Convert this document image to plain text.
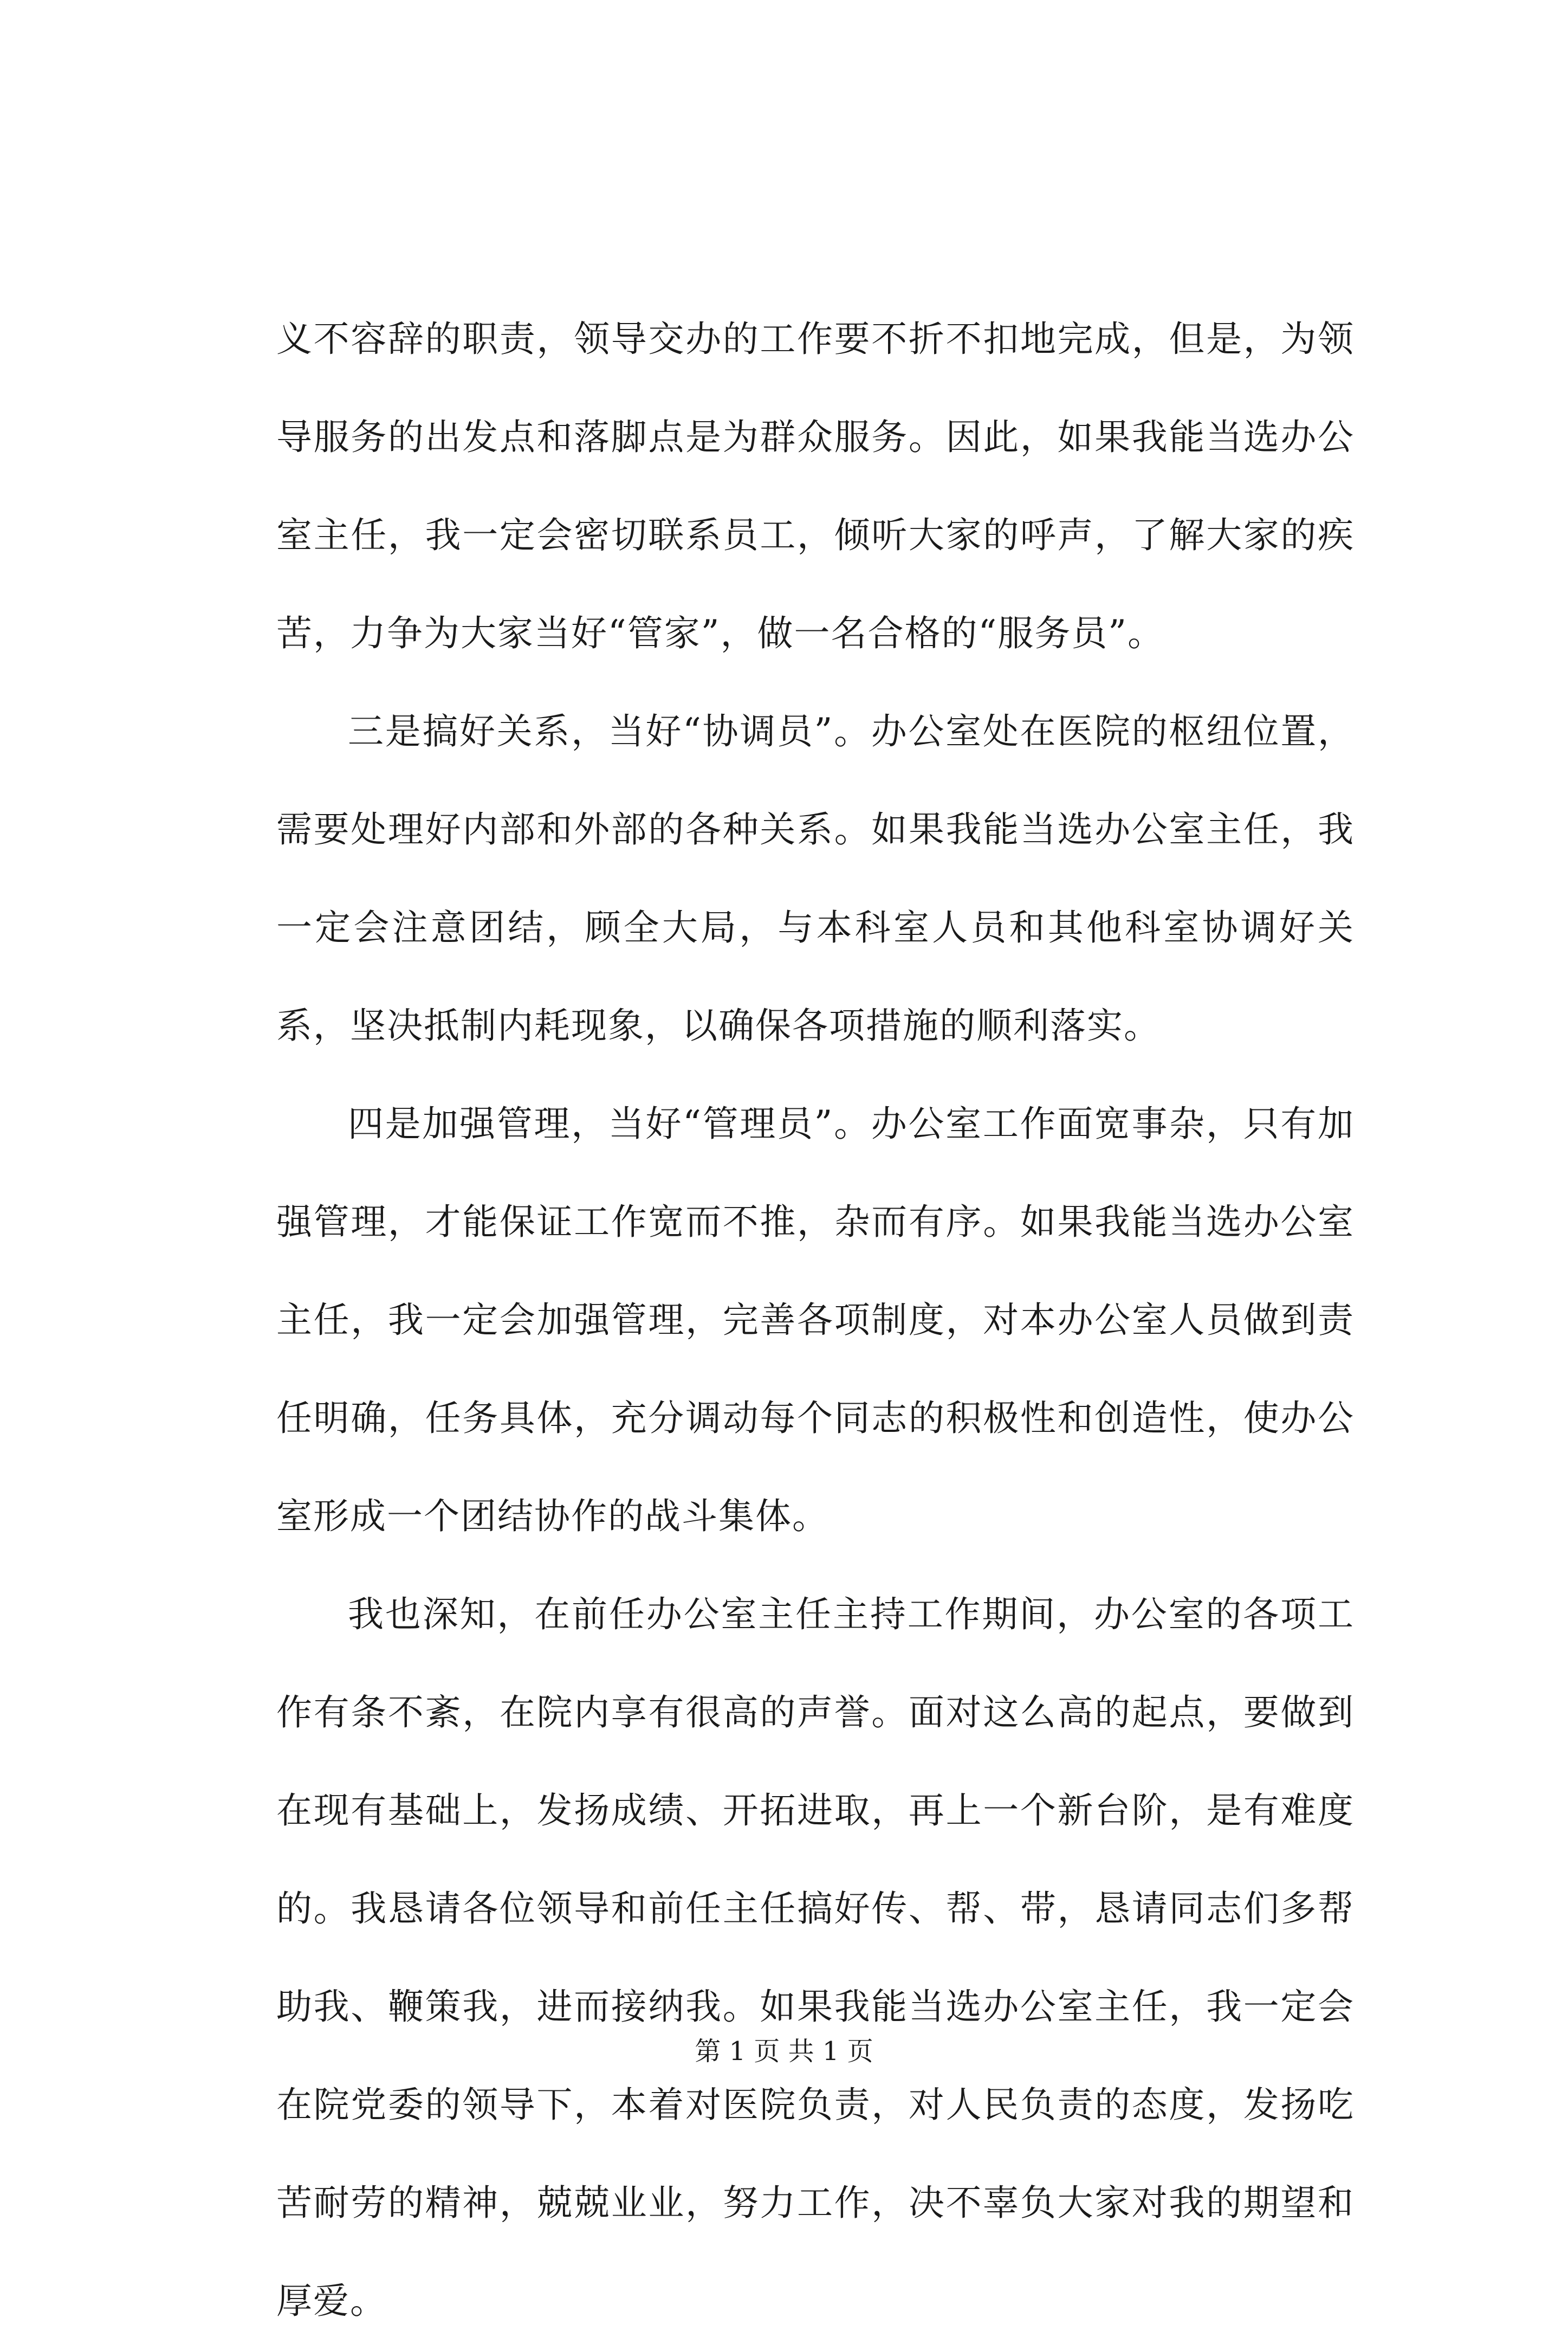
义不容辞的职责，领导交办的工作要不折不扣地完成，但是，为领导服务的出发点和落脚点是为群众服务。因此，如果我能当选办公室主任，我一定会密切联系员工，倾听大家的呼声，了解大家的疾苦，力争为大家当好“管家”，做一名合格的“服务员”。

三是搞好关系，当好“协调员”。办公室处在医院的枢纽位置，需要处理好内部和外部的各种关系。如果我能当选办公室主任，我一定会注意团结，顾全大局，与本科室人员和其他科室协调好关系，坚决抵制内耗现象，以确保各项措施的顺利落实。

四是加强管理，当好“管理员”。办公室工作面宽事杂，只有加强管理，才能保证工作宽而不推，杂而有序。如果我能当选办公室主任，我一定会加强管理，完善各项制度，对本办公室人员做到责任明确，任务具体，充分调动每个同志的积极性和创造性，使办公室形成一个团结协作的战斗集体。

我也深知，在前任办公室主任主持工作期间，办公室的各项工作有条不紊，在院内享有很高的声誉。面对这么高的起点，要做到在现有基础上，发扬成绩、开拓进取，再上一个新台阶，是有难度的。我恳请各位领导和前任主任搞好传、帮、带，恳请同志们多帮助我、鞭策我，进而接纳我。如果我能当选办公室主任，我一定会在院党委的领导下，本着对医院负责，对人民负责的态度，发扬吃苦耐劳的精神，兢兢业业，努力工作，决不辜负大家对我的期望和厚爱。

第 1 页 共 1 页
